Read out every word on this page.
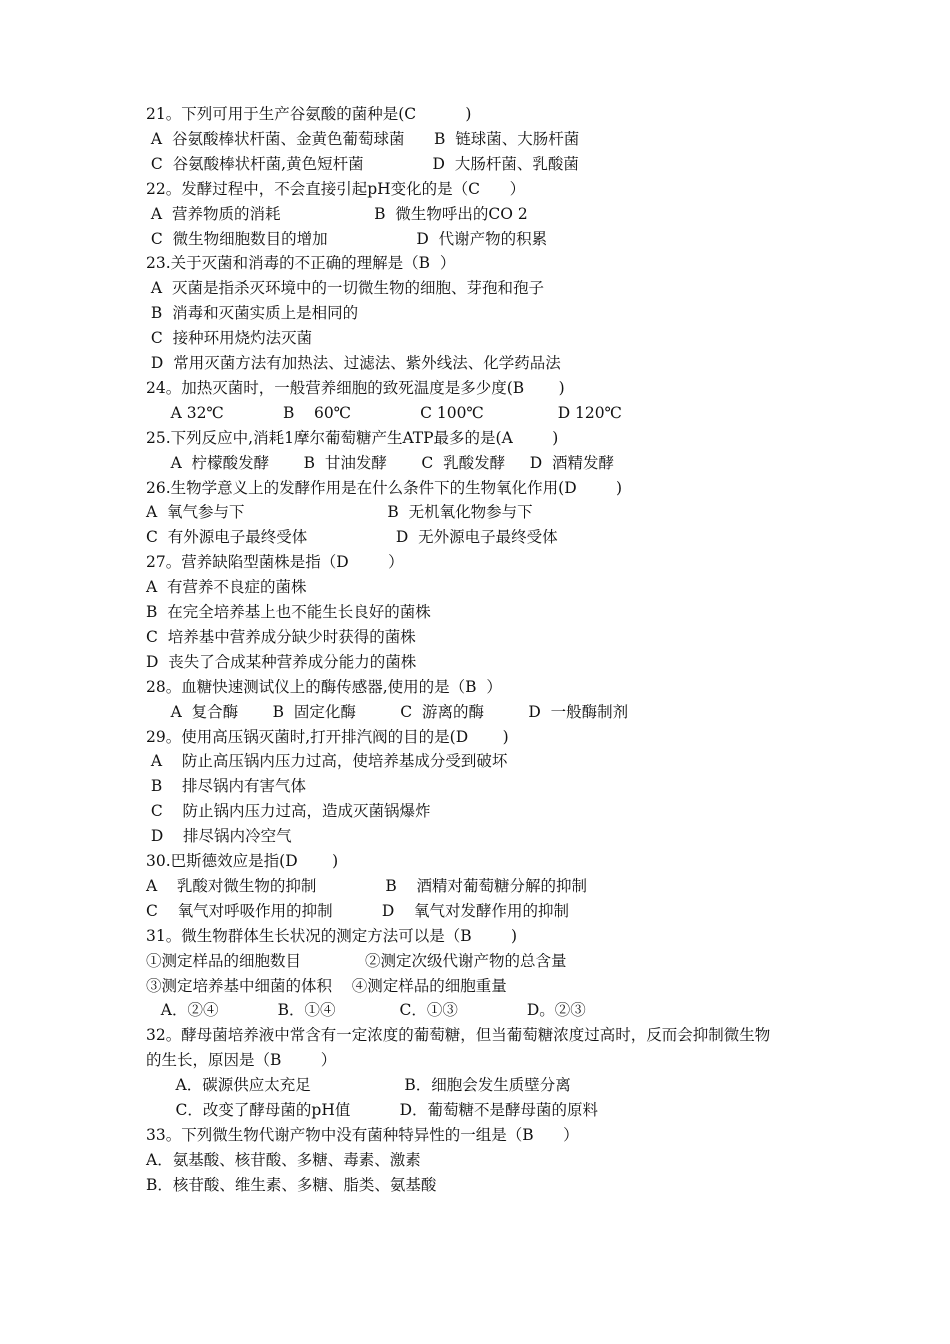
21。下列可用于生产谷氨酸的菌种是(C          )
A  谷氨酸棒状杆菌、金黄色葡萄球菌      B  链球菌、大肠杆菌
C  谷氨酸棒状杆菌,黄色短杆菌              D  大肠杆菌、乳酸菌
22。发酵过程中，不会直接引起pH变化的是（C      ）
A  营养物质的消耗                   B  微生物呼出的CO 2
C  微生物细胞数目的增加                  D  代谢产物的积累
23.关于灭菌和消毒的不正确的理解是（B  ）
A  灭菌是指杀灭环境中的一切微生物的细胞、芽孢和孢子
B  消毒和灭菌实质上是相同的
C  接种环用烧灼法灭菌
D  常用灭菌方法有加热法、过滤法、紫外线法、化学药品法
24。加热灭菌时，一般营养细胞的致死温度是多少度(B       )
A 32℃            B    60℃              C 100℃               D 120℃
25.下列反应中,消耗1摩尔葡萄糖产生ATP最多的是(A        )
A  柠檬酸发酵       B  甘油发酵       C  乳酸发酵     D  酒精发酵
26.生物学意义上的发酵作用是在什么条件下的生物氧化作用(D        )
A  氧气参与下                             B  无机氧化物参与下
C  有外源电子最终受体                  D  无外源电子最终受体
27。营养缺陷型菌株是指（D        ）
A  有营养不良症的菌株
B  在完全培养基上也不能生长良好的菌株
C  培养基中营养成分缺少时获得的菌株
D  丧失了合成某种营养成分能力的菌株
28。血糖快速测试仪上的酶传感器,使用的是（B  ）
A  复合酶       B  固定化酶         C  游离的酶         D  一般酶制剂
29。使用高压锅灭菌时,打开排汽阀的目的是(D       )
A    防止高压锅内压力过高，使培养基成分受到破坏
B    排尽锅内有害气体
C    防止锅内压力过高，造成灭菌锅爆炸
D    排尽锅内冷空气
30.巴斯德效应是指(D       )
A    乳酸对微生物的抑制              B    酒精对葡萄糖分解的抑制
C    氧气对呼吸作用的抑制          D    氧气对发酵作用的抑制
31。微生物群体生长状况的测定方法可以是（B        )
①测定样品的细胞数目             ②测定次级代谢产物的总含量
③测定培养基中细菌的体积    ④测定样品的细胞重量
A．②④            B．①④             C．①③              D。②③
32。酵母菌培养液中常含有一定浓度的葡萄糖，但当葡萄糖浓度过高时，反而会抑制微生物
的生长，原因是（B        ）
A．碳源供应太充足                   B．细胞会发生质壁分离
C．改变了酵母菌的pH值          D．葡萄糖不是酵母菌的原料
33。下列微生物代谢产物中没有菌种特异性的一组是（B      ）
A．氨基酸、核苷酸、多糖、毒素、激素
B．核苷酸、维生素、多糖、脂类、氨基酸
